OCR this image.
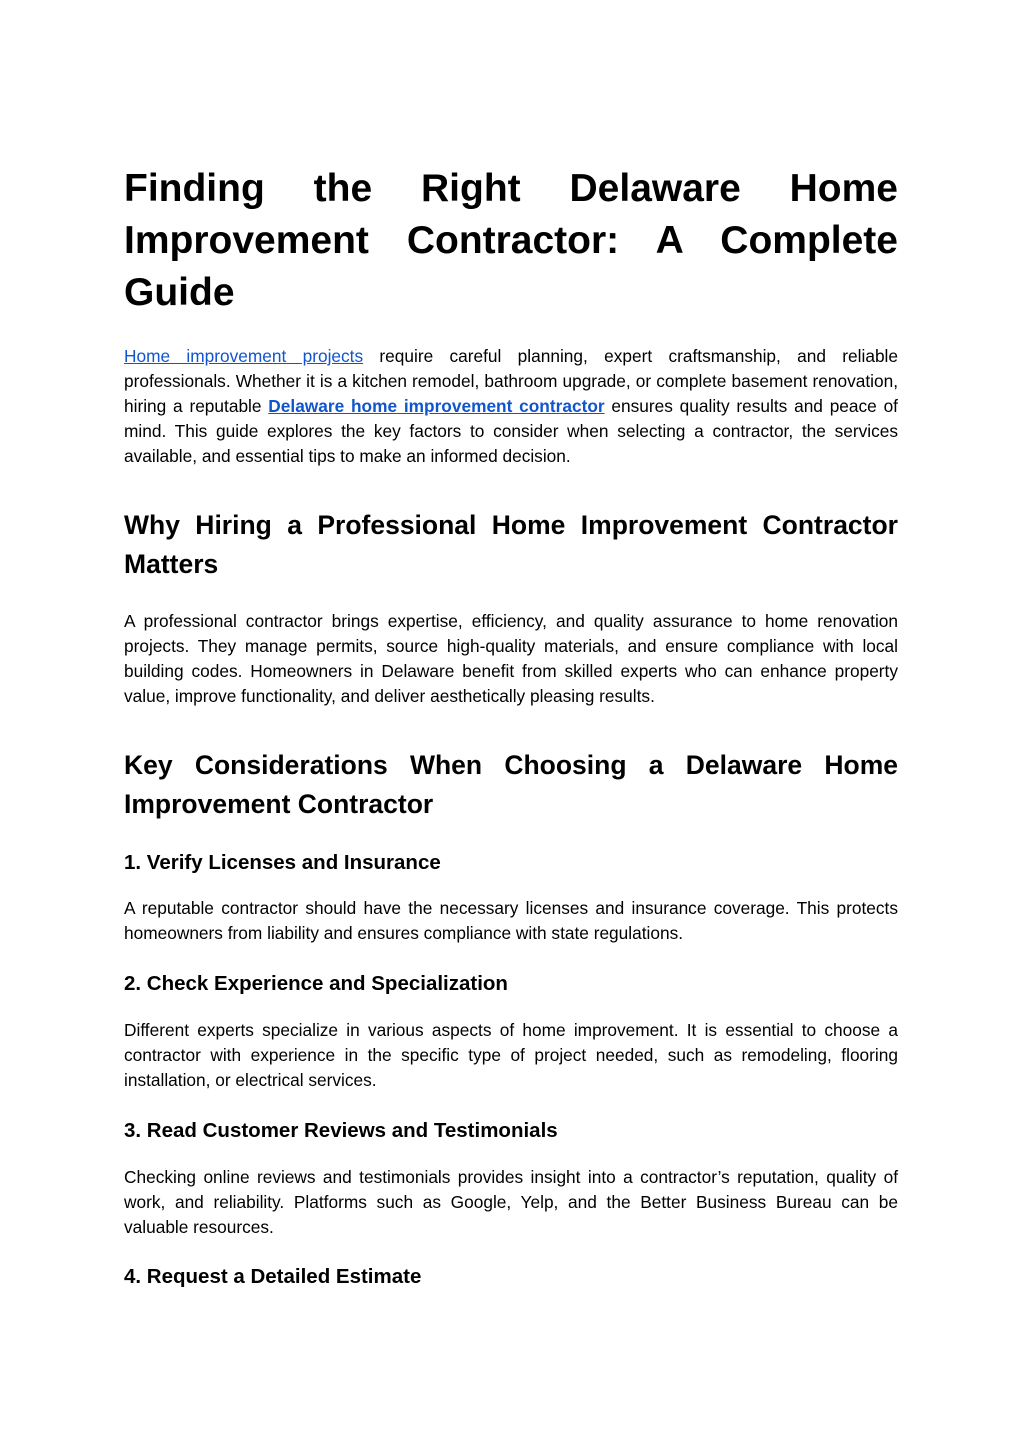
Finding the Right Delaware Home Improvement Contractor: A Complete Guide

Home improvement projects require careful planning, expert craftsmanship, and reliable professionals. Whether it is a kitchen remodel, bathroom upgrade, or complete basement renovation, hiring a reputable Delaware home improvement contractor ensures quality results and peace of mind. This guide explores the key factors to consider when selecting a contractor, the services available, and essential tips to make an informed decision.

Why Hiring a Professional Home Improvement Contractor Matters

A professional contractor brings expertise, efficiency, and quality assurance to home renovation projects. They manage permits, source high-quality materials, and ensure compliance with local building codes. Homeowners in Delaware benefit from skilled experts who can enhance property value, improve functionality, and deliver aesthetically pleasing results.

Key Considerations When Choosing a Delaware Home Improvement Contractor
1. Verify Licenses and Insurance

A reputable contractor should have the necessary licenses and insurance coverage. This protects homeowners from liability and ensures compliance with state regulations.

2. Check Experience and Specialization

Different experts specialize in various aspects of home improvement. It is essential to choose a contractor with experience in the specific type of project needed, such as remodeling, flooring installation, or electrical services.

3. Read Customer Reviews and Testimonials

Checking online reviews and testimonials provides insight into a contractor’s reputation, quality of work, and reliability. Platforms such as Google, Yelp, and the Better Business Bureau can be valuable resources.

4. Request a Detailed Estimate
